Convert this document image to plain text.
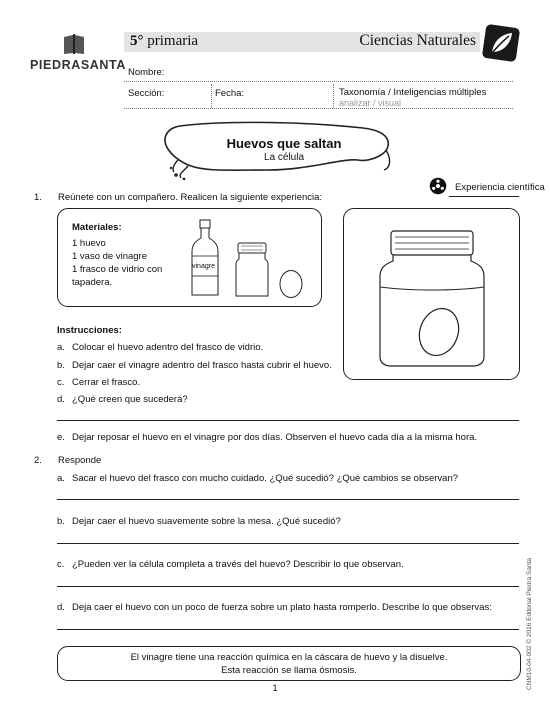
PIEDRASANTA
5° primaria	Ciencias Naturales
Nombre:
Sección:	Fecha:	Taxonomía / Inteligencias múltiples
analizar / visual
Huevos que saltan
La célula
Experiencia científica
1. Reúnete con un compañero. Realicen la siguiente experiencia:
Materiales:
1 huevo
1 vaso de vinagre
1 frasco de vidrio con
tapadera.
vinagre
Instrucciones:
a. Colocar el huevo adentro del frasco de vidrio.
b. Dejar caer el vinagre adentro del frasco hasta cubrir el huevo.
c. Cerrar el frasco.
d. ¿Qué creen que sucederá?
e. Dejar reposar el huevo en el vinagre por dos días. Observen el huevo cada día a la misma hora.
2. Responde
a. Sacar el huevo del frasco con mucho cuidado. ¿Qué sucedió? ¿Qué cambios se observan?
b. Dejar caer el huevo suavemente sobre la mesa. ¿Qué sucedió?
c. ¿Pueden ver la célula completa a través del huevo? Describir lo que observan.
d. Deja caer el huevo con un poco de fuerza sobre un plato hasta romperlo. Describe lo que observas:
El vinagre tiene una reacción química en la cáscara de huevo y la disuelve.
Esta reacción se llama ósmosis.	CNM10-04-002 © 2016 Editorial Piedra Santa
1
